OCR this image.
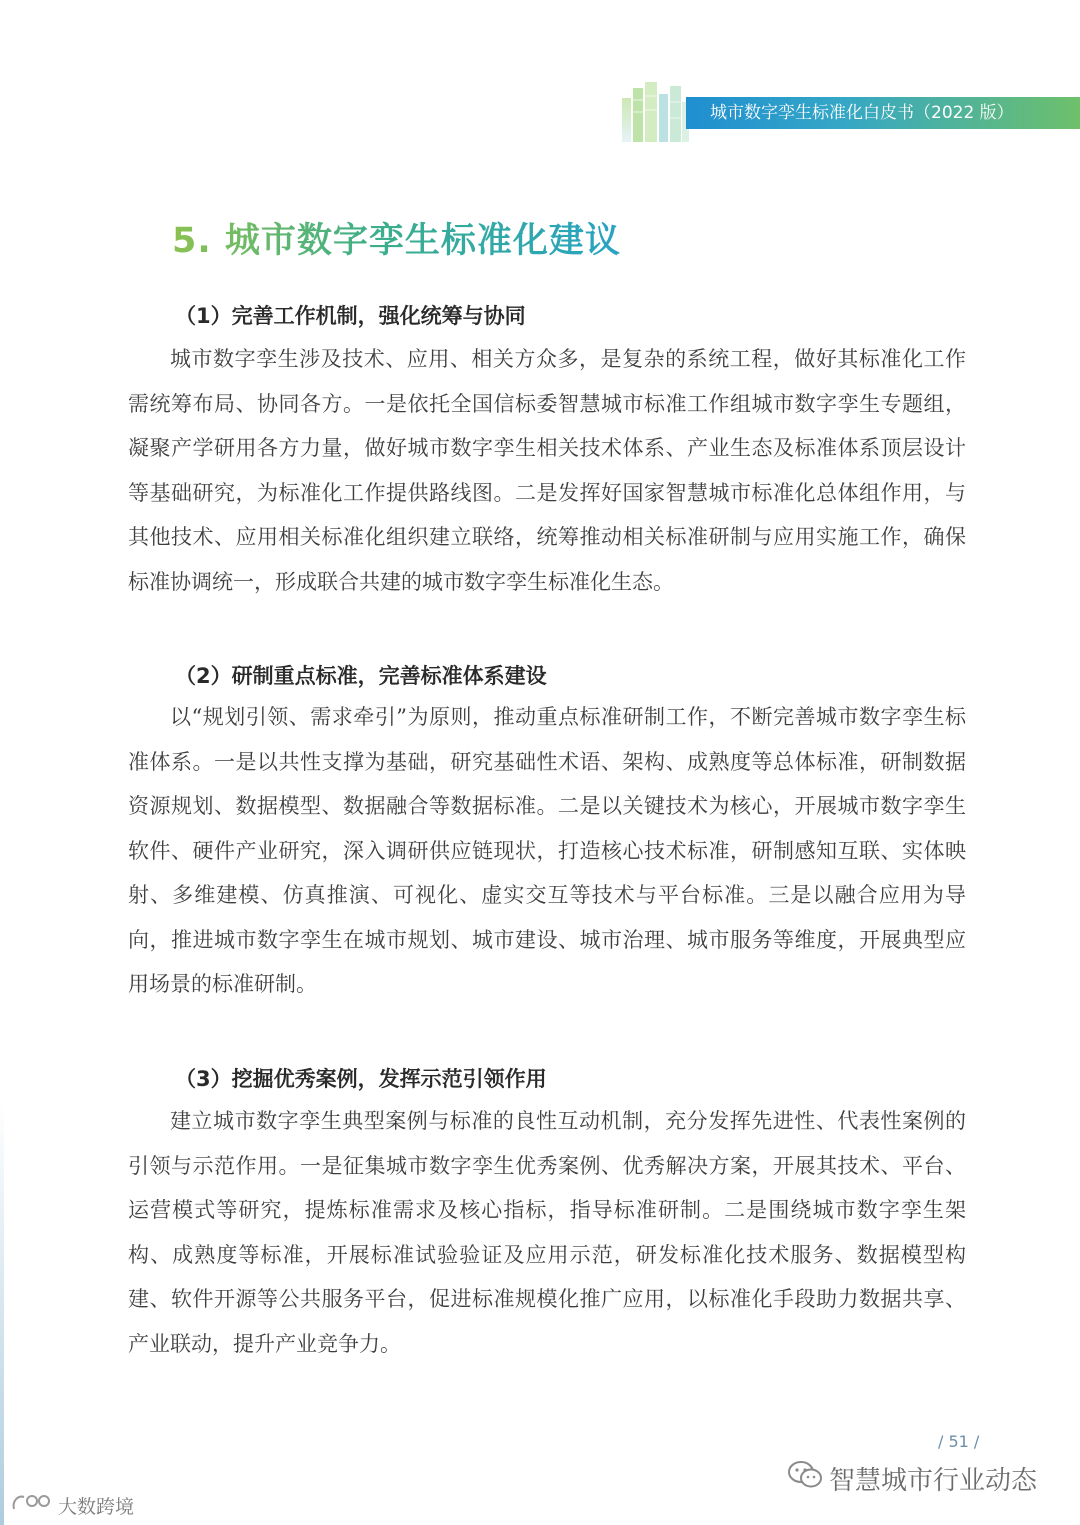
城市数字孪生标准化白皮书（2022 版）
5. 城市数字孪生标准化建议
（1）完善工作机制，强化统筹与协同

城市数字孪生涉及技术、应用、相关方众多，是复杂的系统工程，做好其标准化工作需统筹布局、协同各方。一是依托全国信标委智慧城市标准工作组城市数字孪生专题组，凝聚产学研用各方力量，做好城市数字孪生相关技术体系、产业生态及标准体系顶层设计等基础研究，为标准化工作提供路线图。二是发挥好国家智慧城市标准化总体组作用，与其他技术、应用相关标准化组织建立联络，统筹推动相关标准研制与应用实施工作，确保标准协调统一，形成联合共建的城市数字孪生标准化生态。

（2）研制重点标准，完善标准体系建设

以“规划引领、需求牵引”为原则，推动重点标准研制工作，不断完善城市数字孪生标准体系。一是以共性支撑为基础，研究基础性术语、架构、成熟度等总体标准，研制数据资源规划、数据模型、数据融合等数据标准。二是以关键技术为核心，开展城市数字孪生软件、硬件产业研究，深入调研供应链现状，打造核心技术标准，研制感知互联、实体映射、多维建模、仿真推演、可视化、虚实交互等技术与平台标准。三是以融合应用为导向，推进城市数字孪生在城市规划、城市建设、城市治理、城市服务等维度，开展典型应用场景的标准研制。

（3）挖掘优秀案例，发挥示范引领作用

建立城市数字孪生典型案例与标准的良性互动机制，充分发挥先进性、代表性案例的引领与示范作用。一是征集城市数字孪生优秀案例、优秀解决方案，开展其技术、平台、运营模式等研究，提炼标准需求及核心指标，指导标准研制。二是围绕城市数字孪生架构、成熟度等标准，开展标准试验验证及应用示范，研发标准化技术服务、数据模型构建、软件开源等公共服务平台，促进标准规模化推广应用，以标准化手段助力数据共享、产业联动，提升产业竞争力。

/ 51 /
智慧城市行业动态
大数跨境
